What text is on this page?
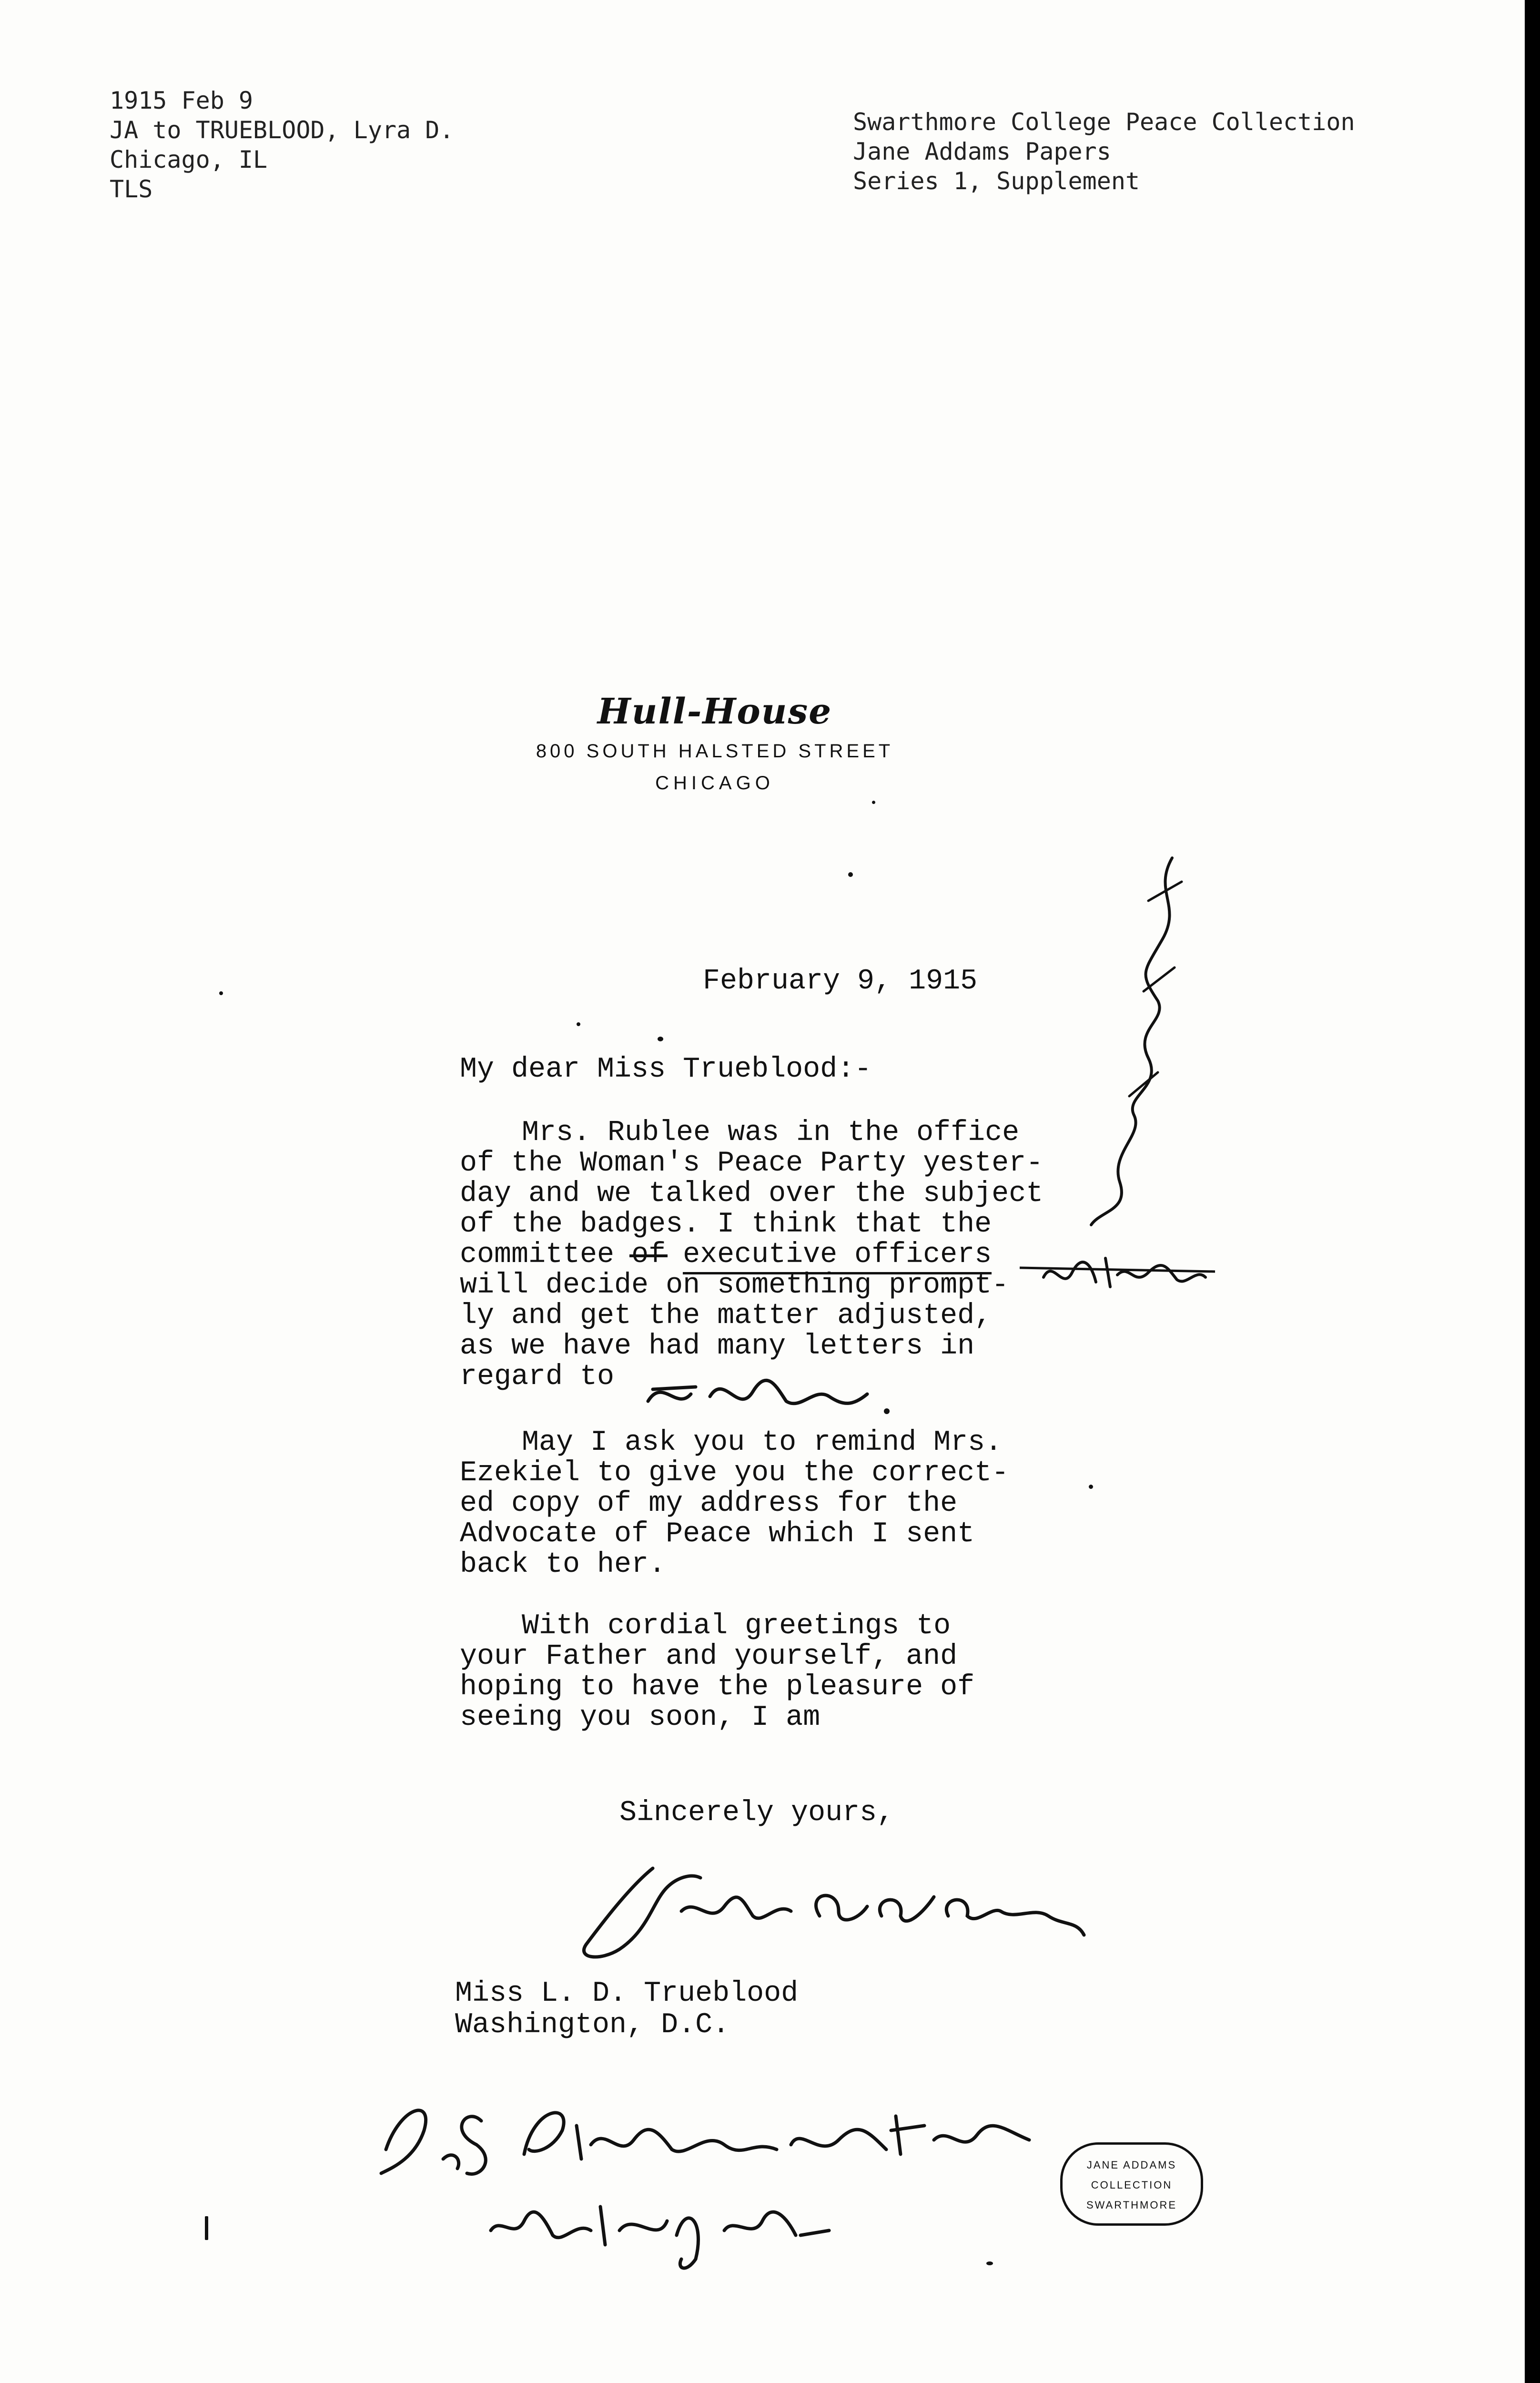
1915 Feb 9
JA to TRUEBLOOD, Lyra D.
Chicago, IL
TLS
Swarthmore College Peace Collection
Jane Addams Papers
Series 1, Supplement
Hull-House
800 SOUTH HALSTED STREET
CHICAGO
February 9, 1915
My dear Miss Trueblood:-
Mrs. Rublee was in the office
of the Woman's Peace Party yester-
day and we talked over the subject
of the badges. I think that the
committee of executive officers
will decide on something prompt-
ly and get the matter adjusted,
as we have had many letters in
regard to
May I ask you to remind Mrs.
Ezekiel to give you the correct-
ed copy of my address for the
Advocate of Peace which I sent
back to her.
With cordial greetings to
your Father and yourself, and
hoping to have the pleasure of
seeing you soon, I am
Sincerely yours,
Miss L. D. Trueblood
Washington, D.C.
JANE ADDAMS
COLLECTION
SWARTHMORE
